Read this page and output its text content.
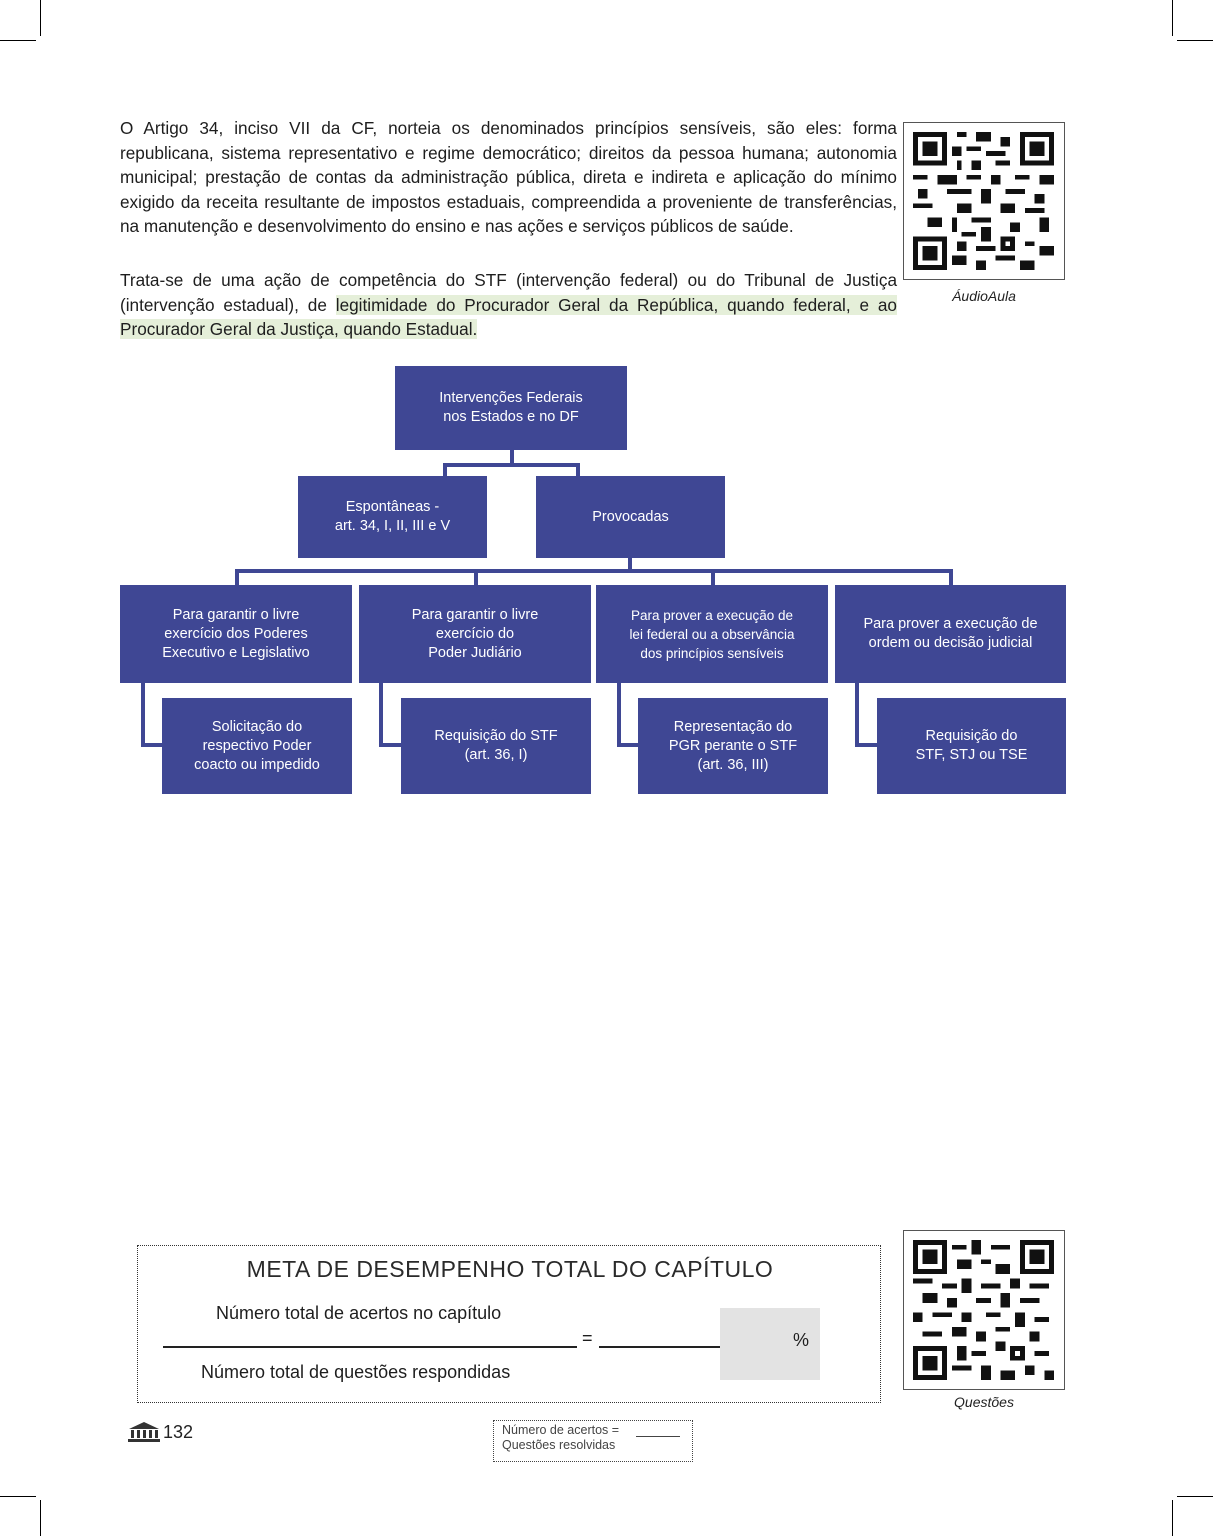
O Artigo 34, inciso VII da CF, norteia os denominados princípios sensíveis, são eles: forma republicana, sistema representativo e regime democrático; direitos da pessoa humana; autonomia municipal; prestação de contas da administração pública, direta e indireta e aplicação do mínimo exigido da receita resultante de impostos estaduais, compreendida a proveniente de transferências, na manutenção e desenvolvimento do ensino e nas ações e serviços públicos de saúde.

Trata-se de uma ação de competência do STF (intervenção federal) ou do Tribunal de Justiça (intervenção estadual), de legitimidade do Procurador Geral da República, quando federal, e ao Procurador Geral da Justiça, quando Estadual.

ÁudioAula
Intervenções Federais
nos Estados e no DF
Espontâneas -
art. 34, I, II, III e V
Provocadas
Para garantir o livre
exercício dos Poderes
Executivo e Legislativo
Para garantir o livre
exercício do
Poder Judiário
Para prover a execução de
lei federal ou a observância
dos princípios sensíveis
Para prover a execução de
ordem ou decisão judicial
Solicitação do
respectivo Poder
coacto ou impedido
Requisição do STF
(art. 36, I)
Representação do
PGR perante o STF
(art. 36, III)
Requisição do
STF, STJ ou TSE
META DE DESEMPENHO TOTAL DO CAPÍTULO
Número total de acertos no capítulo
Número total de questões respondidas
=	%
Questões
132	Número de acertos =
Questões resolvidas
